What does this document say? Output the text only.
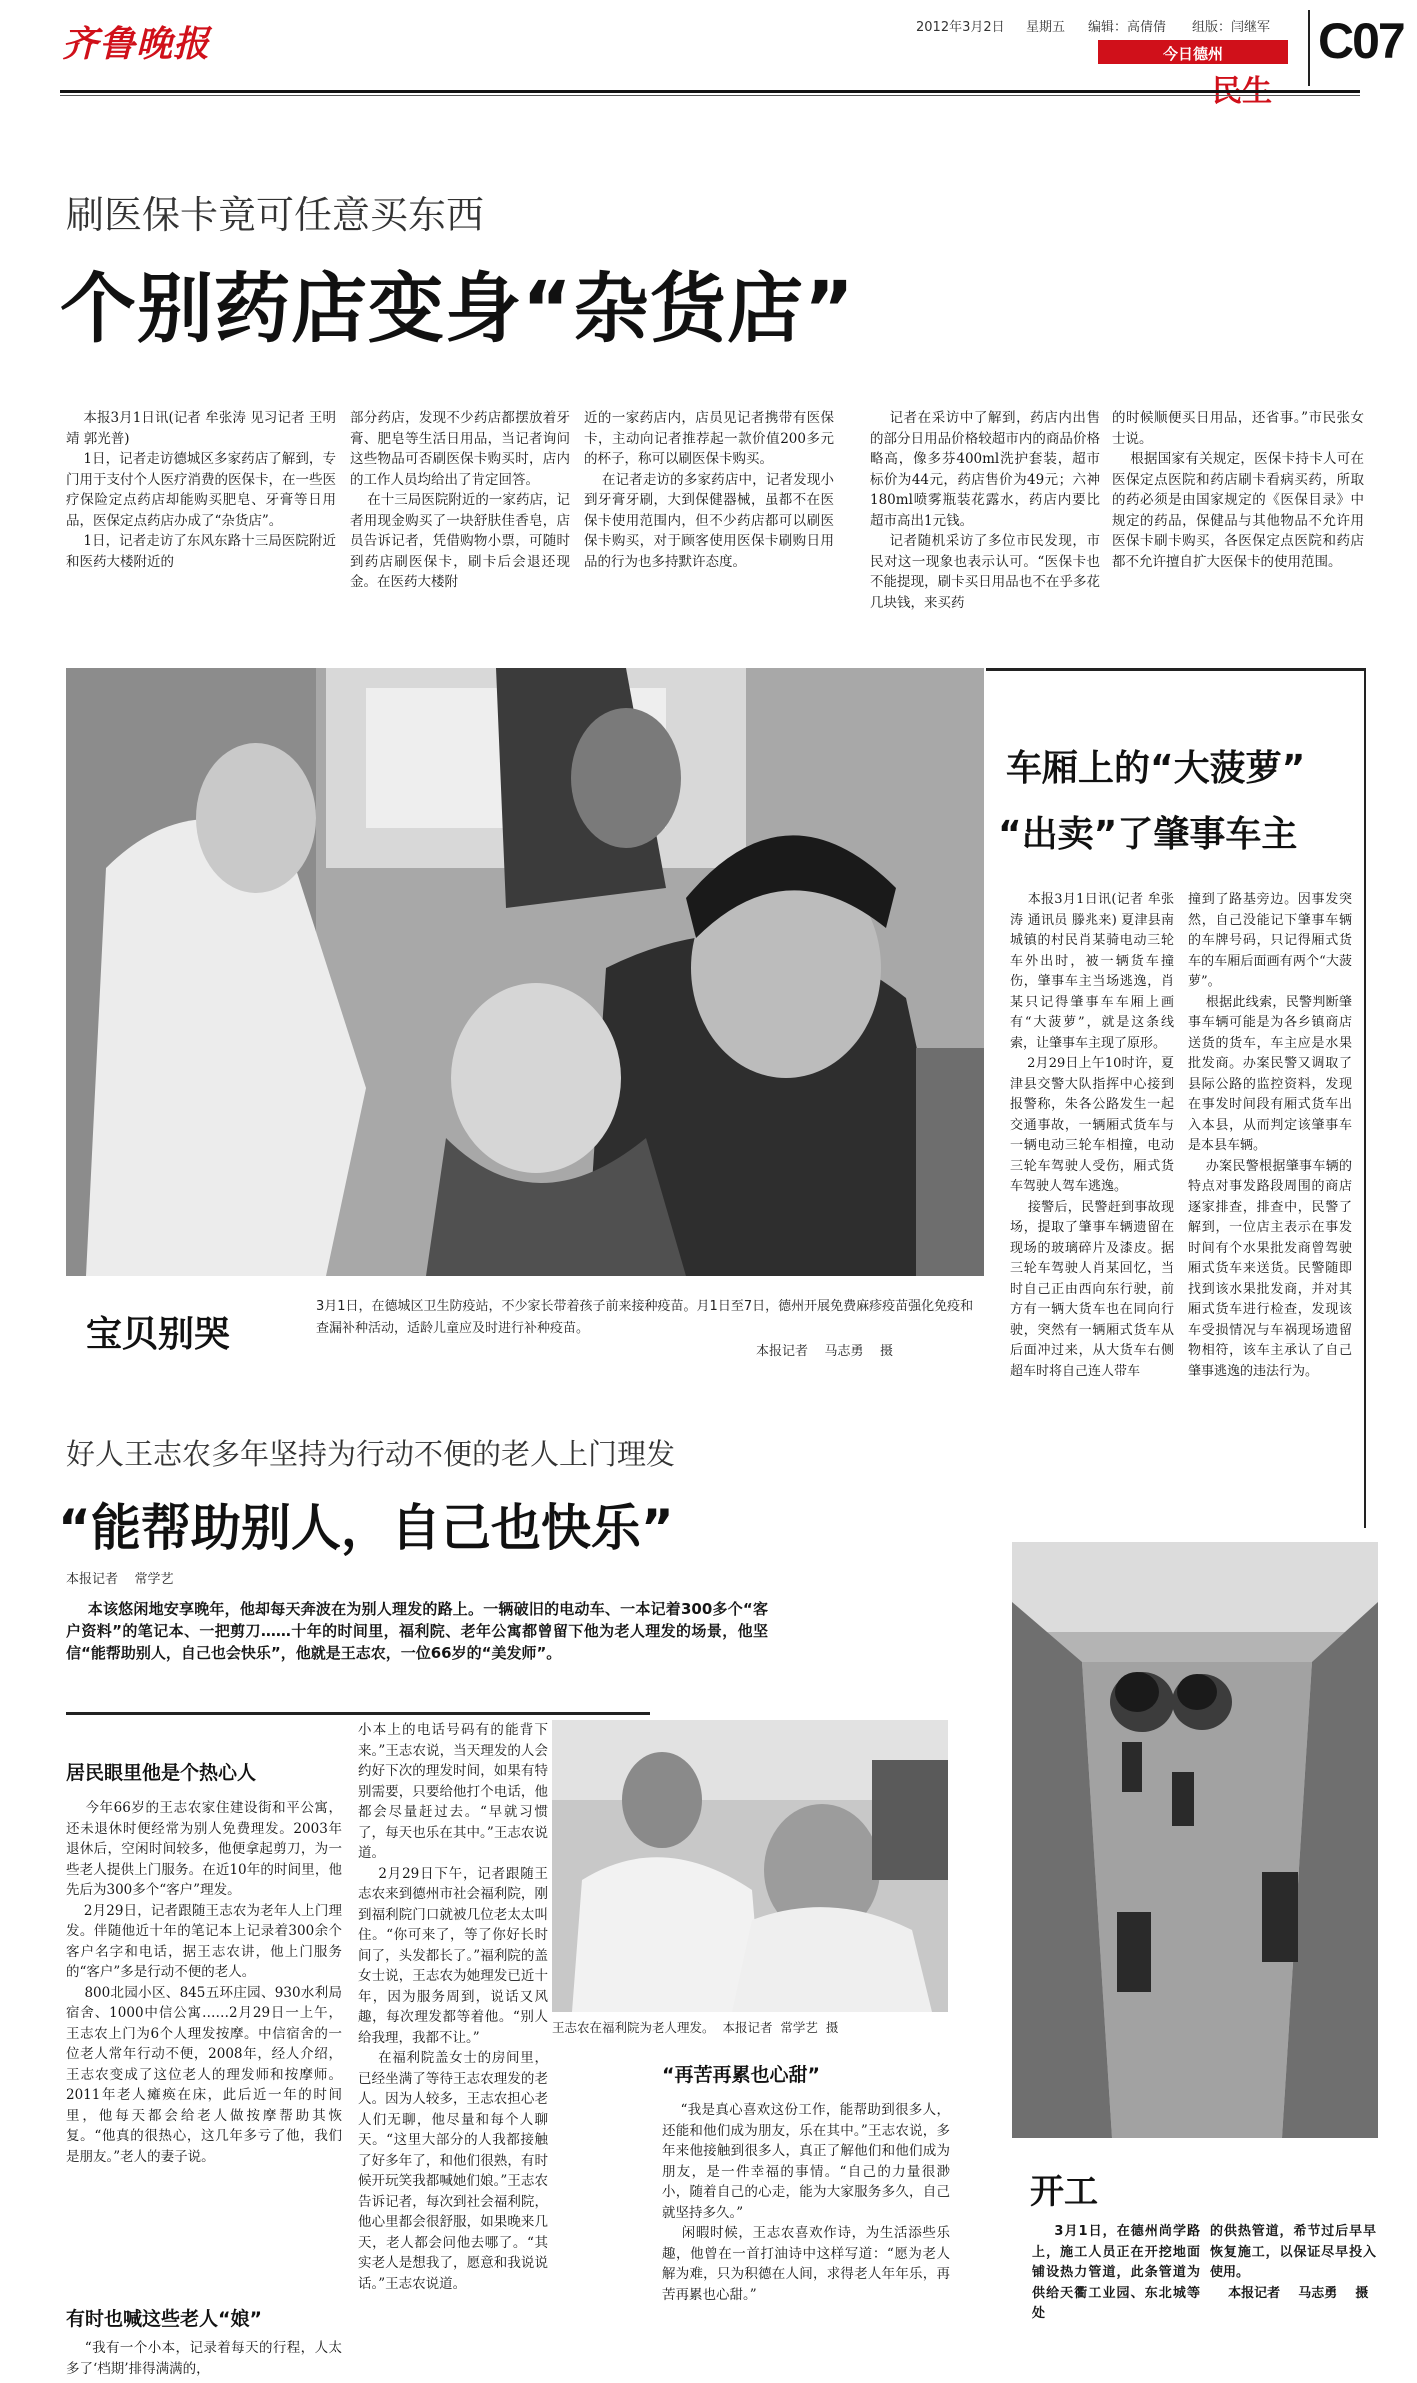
齐鲁晚报	2012年3月2日 星期五 编辑：高倩倩 组版：闫继军
今日德州	C07
刷医保卡竟可任意买东西
个别药店变身“杂货店”
本报3月1日讯(记者 牟张涛 见习记者 王明靖 郭光普)
1日，记者走访德城区多家药店了解到，专门用于支付个人医疗消费的医保卡，在一些医疗保险定点药店却能购买肥皂、牙膏等日用品，医保定点药店办成了“杂货店”。
1日，记者走访了东风东路十三局医院附近和医药大楼附近的
部分药店，发现不少药店都摆放着牙膏、肥皂等生活日用品，当记者询问这些物品可否刷医保卡购买时，店内的工作人员均给出了肯定回答。
在十三局医院附近的一家药店，记者用现金购买了一块舒肤佳香皂，店员告诉记者，凭借购物小票，可随时到药店刷医保卡，刷卡后会退还现金。在医药大楼附
近的一家药店内，店员见记者携带有医保卡，主动向记者推荐起一款价值200多元的杯子，称可以刷医保卡购买。
在记者走访的多家药店中，记者发现小到牙膏牙刷，大到保健器械，虽都不在医保卡使用范围内，但不少药店都可以刷医保卡购买，对于顾客使用医保卡刷购日用品的行为也多持默许态度。
记者在采访中了解到，药店内出售的部分日用品价格较超市内的商品价格略高，像多芬400ml洗护套装，超市标价为44元，药店售价为49元；六神180ml喷雾瓶装花露水，药店内要比超市高出1元钱。
记者随机采访了多位市民发现，市民对这一现象也表示认可。“医保卡也不能提现，刷卡买日用品也不在乎多花几块钱，来买药
的时候顺便买日用品，还省事。”市民张女士说。
根据国家有关规定，医保卡持卡人可在医保定点医院和药店刷卡看病买药，所取的药必须是由国家规定的《医保目录》中规定的药品，保健品与其他物品不允许用医保卡刷卡购买，各医保定点医院和药店都不允许擅自扩大医保卡的使用范围。
宝贝别哭
3月1日，在德城区卫生防疫站，不少家长带着孩子前来接种疫苗。月1日至7日，德州开展免费麻疹疫苗强化免疫和查漏补种活动，适龄儿童应及时进行补种疫苗。
本报记者    马志勇    摄
车厢上的“大菠萝”
“出卖”了肇事车主
本报3月1日讯(记者 牟张涛 通讯员 滕兆来) 夏津县南城镇的村民肖某骑电动三轮车外出时，被一辆货车撞伤，肇事车主当场逃逸，肖某只记得肇事车车厢上画有“大菠萝”，就是这条线索，让肇事车主现了原形。
2月29日上午10时许，夏津县交警大队指挥中心接到报警称，朱各公路发生一起交通事故，一辆厢式货车与一辆电动三轮车相撞，电动三轮车驾驶人受伤，厢式货车驾驶人驾车逃逸。
接警后，民警赶到事故现场，提取了肇事车辆遗留在现场的玻璃碎片及漆皮。据三轮车驾驶人肖某回忆，当时自己正由西向东行驶，前方有一辆大货车也在同向行驶，突然有一辆厢式货车从后面冲过来，从大货车右侧超车时将自己连人带车
撞到了路基旁边。因事发突然，自己没能记下肇事车辆的车牌号码，只记得厢式货车的车厢后面画有两个“大菠萝”。
根据此线索，民警判断肇事车辆可能是为各乡镇商店送货的货车，车主应是水果批发商。办案民警又调取了县际公路的监控资料，发现在事发时间段有厢式货车出入本县，从而判定该肇事车是本县车辆。
办案民警根据肇事车辆的特点对事发路段周围的商店逐家排查，排查中，民警了解到，一位店主表示在事发时间有个水果批发商曾驾驶厢式货车来送货。民警随即找到该水果批发商，并对其厢式货车进行检查，发现该车受损情况与车祸现场遗留物相符，该车主承认了自己肇事逃逸的违法行为。
好人王志农多年坚持为行动不便的老人上门理发
“能帮助别人，自己也快乐”
本报记者    常学艺
本该悠闲地安享晚年，他却每天奔波在为别人理发的路上。一辆破旧的电动车、一本记着300多个“客户资料”的笔记本、一把剪刀……十年的时间里，福利院、老年公寓都曾留下他为老人理发的场景，他坚信“能帮助别人，自己也会快乐”，他就是王志农，一位66岁的“美发师”。
居民眼里他是个热心人
今年66岁的王志农家住建设街和平公寓，还未退休时便经常为别人免费理发。2003年退休后，空闲时间较多，他便拿起剪刀，为一些老人提供上门服务。在近10年的时间里，他先后为300多个“客户”理发。
2月29日，记者跟随王志农为老年人上门理发。伴随他近十年的笔记本上记录着300余个客户名字和电话，据王志农讲，他上门服务的“客户”多是行动不便的老人。
800北园小区、845五环庄园、930水利局宿舍、1000中信公寓……2月29日一上午，王志农上门为6个人理发按摩。中信宿舍的一位老人常年行动不便，2008年，经人介绍，王志农变成了这位老人的理发师和按摩师。2011年老人瘫痪在床，此后近一年的时间里，他每天都会给老人做按摩帮助其恢复。“他真的很热心，这几年多亏了他，我们是朋友。”老人的妻子说。
有时也喊这些老人“娘”
“我有一个小本，记录着每天的行程，人太多了‘档期’排得满满的，
小本上的电话号码有的能背下来。”王志农说，当天理发的人会约好下次的理发时间，如果有特别需要，只要给他打个电话，他都会尽量赶过去。“早就习惯了，每天也乐在其中。”王志农说道。
2月29日下午，记者跟随王志农来到德州市社会福利院，刚到福利院门口就被几位老太太叫住。“你可来了，等了你好长时间了，头发都长了。”福利院的盖女士说，王志农为她理发已近十年，因为服务周到，说话又风趣，每次理发都等着他。“别人给我理，我都不让。”
在福利院盖女士的房间里，已经坐满了等待王志农理发的老人。因为人较多，王志农担心老人们无聊，他尽量和每个人聊天。“这里大部分的人我都接触了好多年了，和他们很熟，有时候开玩笑我都喊她们娘。”王志农告诉记者，每次到社会福利院，他心里都会很舒服，如果晚来几天，老人都会问他去哪了。“其实老人是想我了，愿意和我说说话。”王志农说道。
王志农在福利院为老人理发。  本报记者  常学艺  摄
“再苦再累也心甜”
“我是真心喜欢这份工作，能帮助到很多人，还能和他们成为朋友，乐在其中。”王志农说，多年来他接触到很多人，真正了解他们和他们成为朋友，是一件幸福的事情。“自己的力量很渺小，随着自己的心走，能为大家服务多久，自己就坚持多久。”
闲暇时候，王志农喜欢作诗，为生活添些乐趣，他曾在一首打油诗中这样写道：“愿为老人解为难，只为积德在人间，求得老人年年乐，再苦再累也心甜。”
开工
3月1日，在德州尚学路上，施工人员正在开挖地面铺设热力管道，此条管道为供给天衢工业园、东北城等处
的供热管道，希节过后早早恢复施工，以保证尽早投入使用。
本报记者    马志勇    摄
